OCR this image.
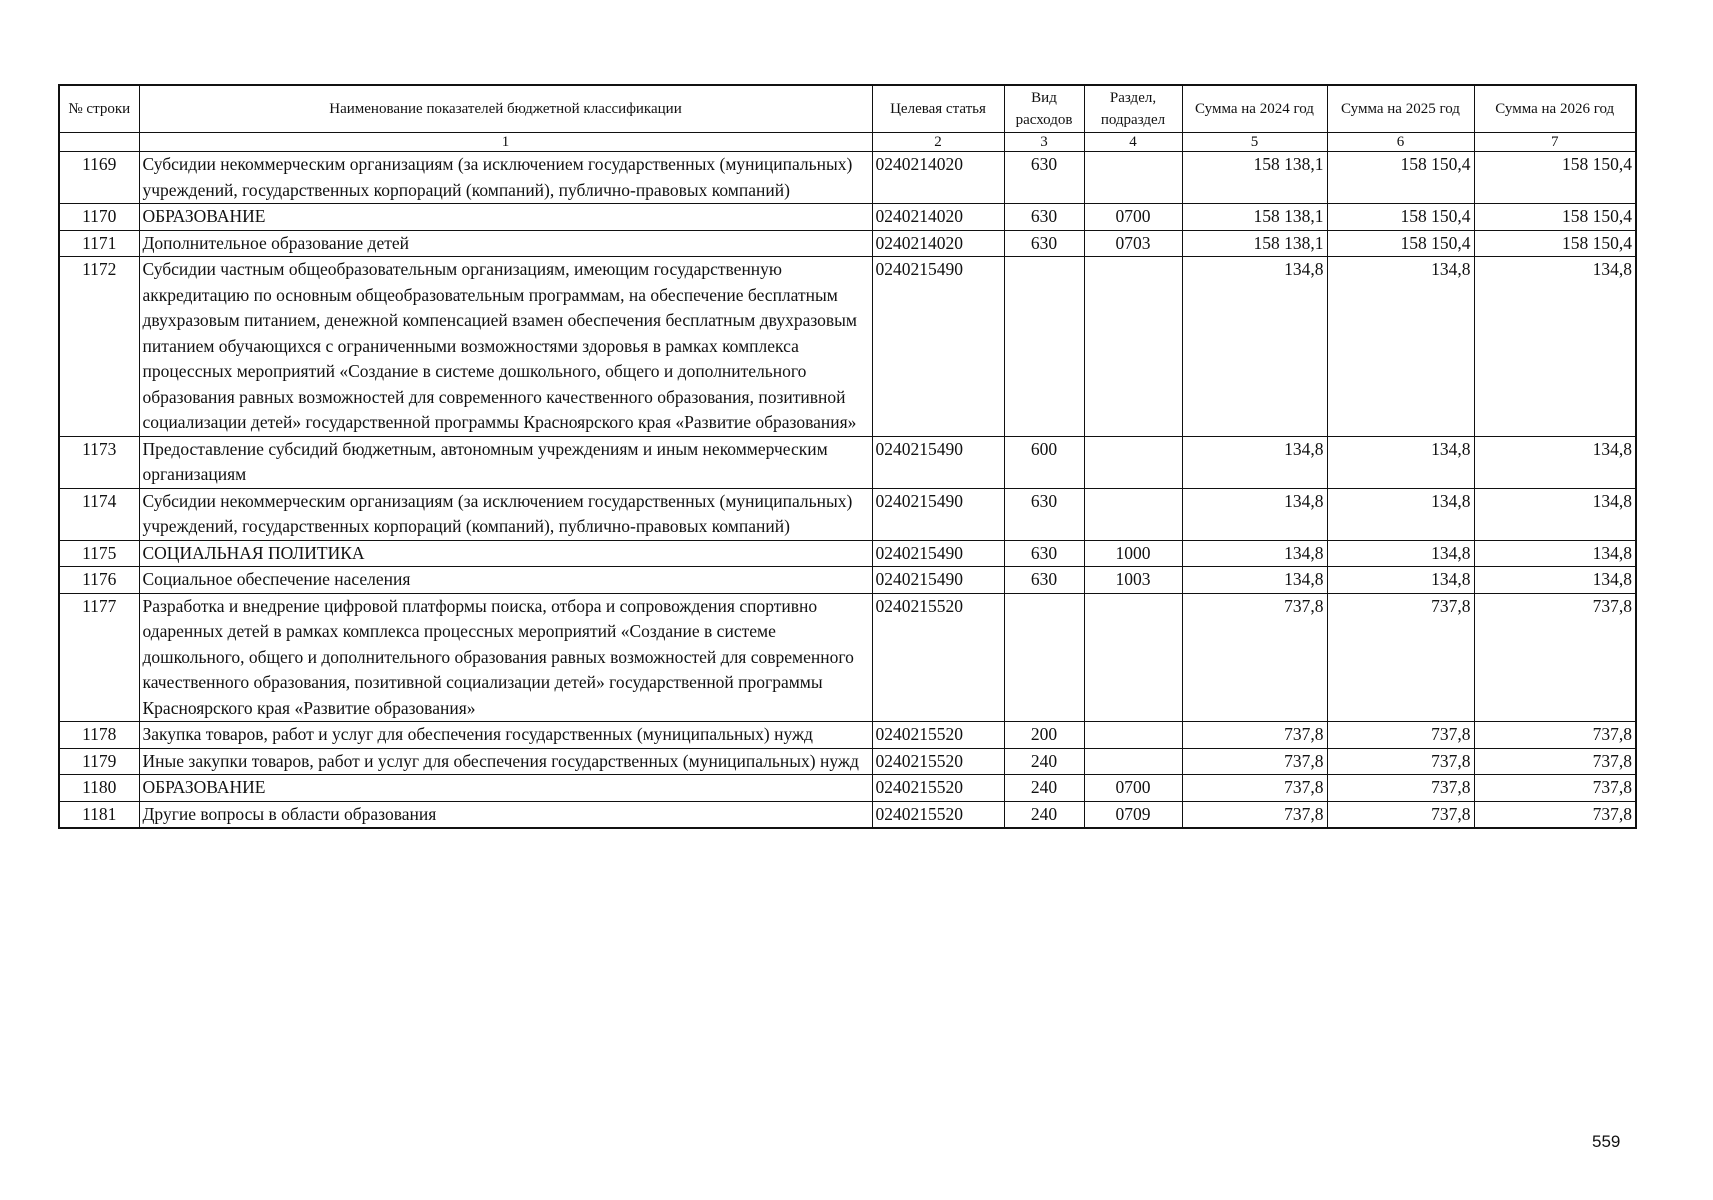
№ строки	Наименование показателей бюджетной классификации	Целевая статья	Вид расходов	Раздел, подраздел	Сумма на 2024 год	Сумма на 2025 год	Сумма на 2026 год
	1	2	3	4	5	6	7
1169	Субсидии некоммерческим организациям (за исключением государственных (муниципальных) учреждений, государственных корпораций (компаний), публично-правовых компаний)	0240214020	630		158 138,1	158 150,4	158 150,4
1170	ОБРАЗОВАНИЕ	0240214020	630	0700	158 138,1	158 150,4	158 150,4
1171	Дополнительное образование детей	0240214020	630	0703	158 138,1	158 150,4	158 150,4
1172	Субсидии частным общеобразовательным организациям, имеющим государственную аккредитацию по основным общеобразовательным программам, на обеспечение бесплатным двухразовым питанием, денежной компенсацией взамен обеспечения бесплатным двухразовым питанием обучающихся с ограниченными возможностями здоровья в рамках комплекса процессных мероприятий «Создание в системе дошкольного, общего и дополнительного образования равных возможностей для современного качественного образования, позитивной социализации детей» государственной программы Красноярского края «Развитие образования»	0240215490			134,8	134,8	134,8
1173	Предоставление субсидий бюджетным, автономным учреждениям и иным некоммерческим организациям	0240215490	600		134,8	134,8	134,8
1174	Субсидии некоммерческим организациям (за исключением государственных (муниципальных) учреждений, государственных корпораций (компаний), публично-правовых компаний)	0240215490	630		134,8	134,8	134,8
1175	СОЦИАЛЬНАЯ ПОЛИТИКА	0240215490	630	1000	134,8	134,8	134,8
1176	Социальное обеспечение населения	0240215490	630	1003	134,8	134,8	134,8
1177	Разработка и внедрение цифровой платформы поиска, отбора и сопровождения спортивно одаренных детей в рамках комплекса процессных мероприятий «Создание в системе дошкольного, общего и дополнительного образования равных возможностей для современного качественного образования, позитивной социализации детей» государственной программы Красноярского края «Развитие образования»	0240215520			737,8	737,8	737,8
1178	Закупка товаров, работ и услуг для обеспечения государственных (муниципальных) нужд	0240215520	200		737,8	737,8	737,8
1179	Иные закупки товаров, работ и услуг для обеспечения государственных (муниципальных) нужд	0240215520	240		737,8	737,8	737,8
1180	ОБРАЗОВАНИЕ	0240215520	240	0700	737,8	737,8	737,8
1181	Другие вопросы в области образования	0240215520	240	0709	737,8	737,8	737,8
559
